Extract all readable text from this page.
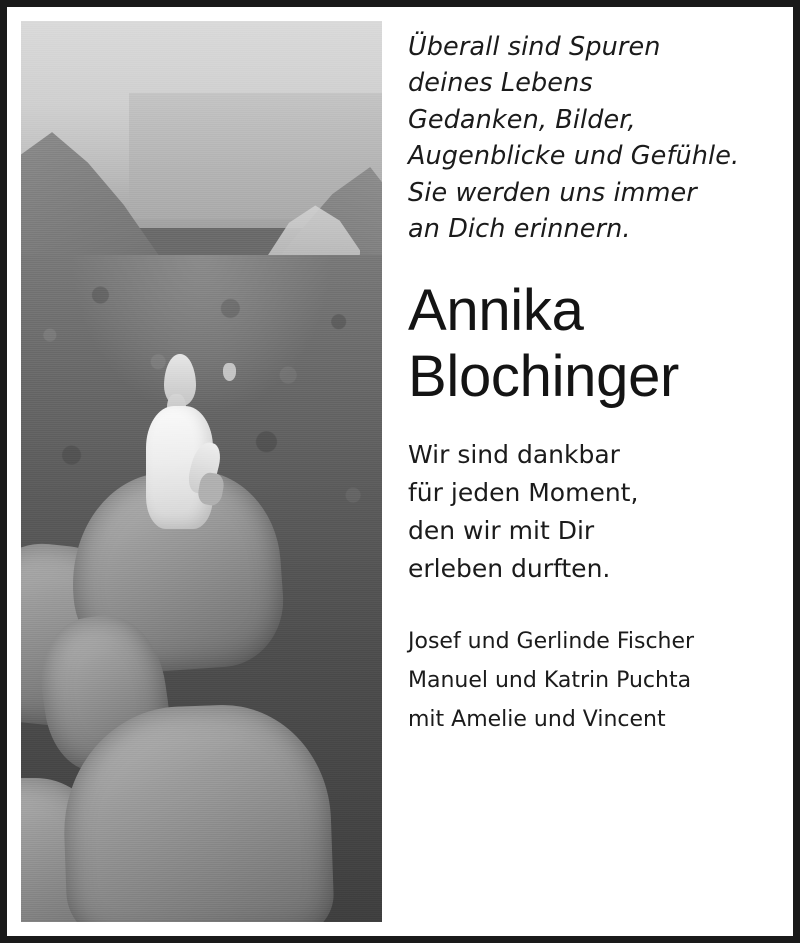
Überall sind Spuren
deines Lebens
Gedanken, Bilder,
Augenblicke und Gefühle.
Sie werden uns immer
an Dich erinnern.
Annika
Blochinger
Wir sind dankbar
für jeden Moment,
den wir mit Dir
erleben durften.
Josef und Gerlinde Fischer
Manuel und Katrin Puchta
mit Amelie und Vincent
